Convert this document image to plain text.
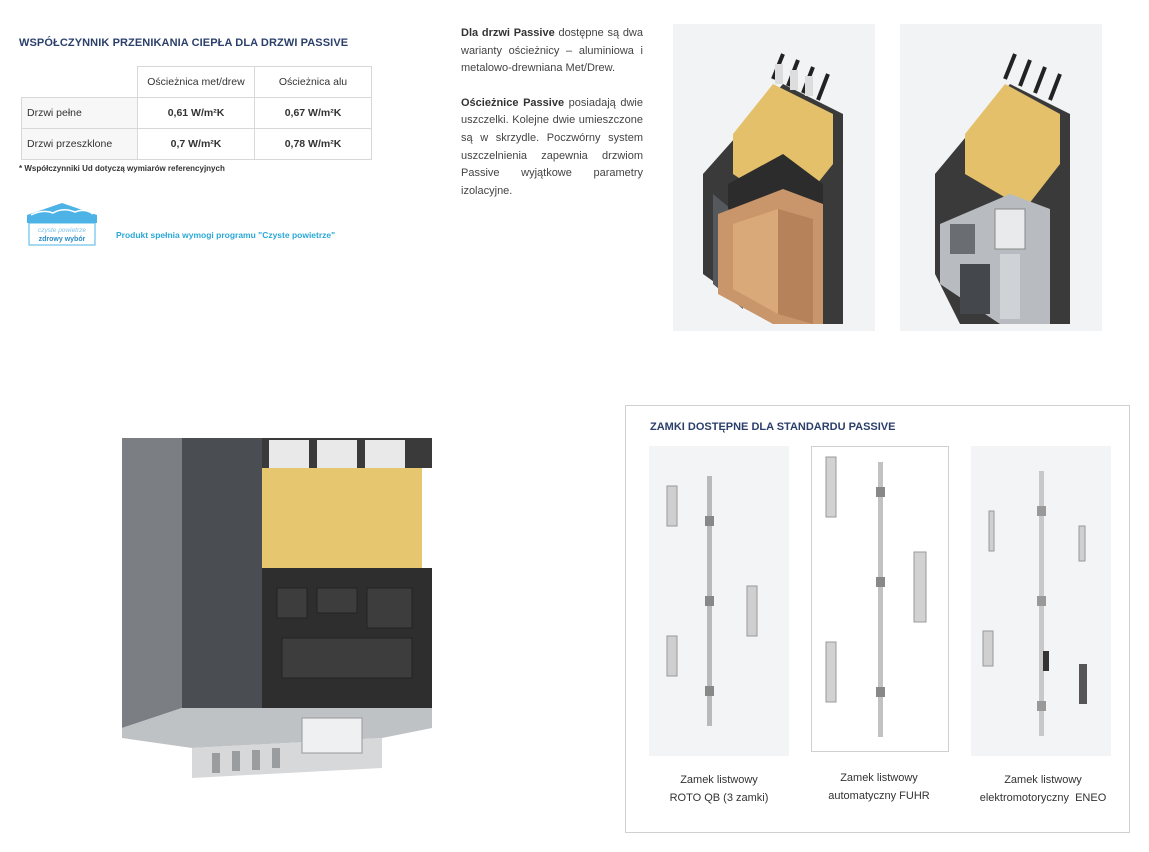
WSPÓŁCZYNNIK PRZENIKANIA CIEPŁA DLA DRZWI PASSIVE
	Ościeżnica met/drew	Ościeżnica alu
Drzwi pełne	0,61 W/m²K	0,67 W/m²K
Drzwi przeszklone	0,7 W/m²K	0,78 W/m²K
* Współczynniki Ud dotyczą wymiarów referencyjnych
czyste powietrze
zdrowy wybór	Produkt spełnia wymogi programu "Czyste powietrze"

Dla drzwi Passive dostępne są dwa warianty ościeżnicy – aluminiowa i metalowo-drewniana Met/Drew.

Ościeżnice Passive posiadają dwie uszczelki. Kolejne dwie umieszczone są w skrzydle. Poczwórny system uszczelnienia zapewnia drzwiom Passive wyjątkowe parametry izolacyjne.

ZAMKI DOSTĘPNE DLA STANDARDU PASSIVE
Zamek listwowy
ROTO QB (3 zamki)
Zamek listwowy
automatyczny FUHR
Zamek listwowy
elektromotoryczny  ENEO
